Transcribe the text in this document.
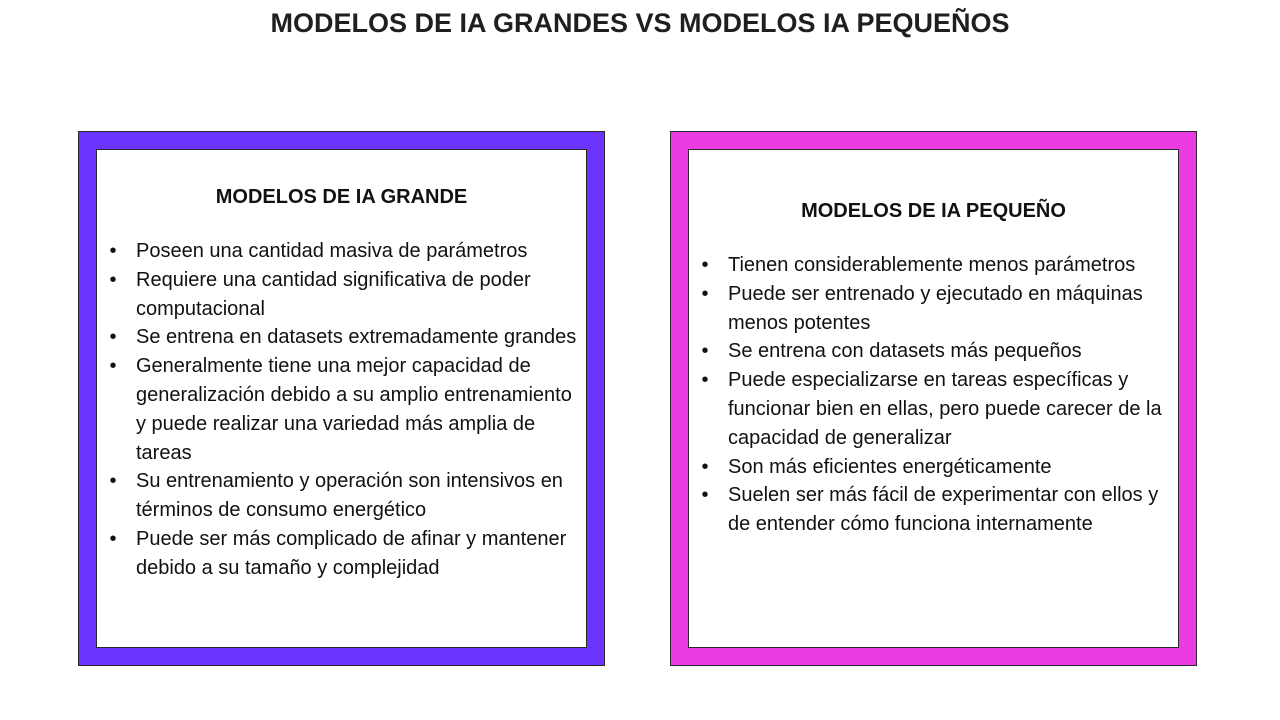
MODELOS DE IA GRANDES VS MODELOS IA PEQUEÑOS
MODELOS DE IA GRANDE
• Poseen una cantidad masiva de parámetros
• Requiere una cantidad significativa de poder computacional
• Se entrena en datasets extremadamente grandes
• Generalmente tiene una mejor capacidad de generalización debido a su amplio entrenamiento y puede realizar una variedad más amplia de tareas
• Su entrenamiento y operación son intensivos en términos de consumo energético
• Puede ser más complicado de afinar y mantener debido a su tamaño y complejidad
MODELOS DE IA PEQUEÑO
• Tienen considerablemente menos parámetros
• Puede ser entrenado y ejecutado en máquinas menos potentes
• Se entrena con datasets más pequeños
• Puede especializarse en tareas específicas y funcionar bien en ellas, pero puede carecer de la capacidad de generalizar
• Son más eficientes energéticamente
• Suelen ser más fácil de experimentar con ellos y de entender cómo funciona internamente
